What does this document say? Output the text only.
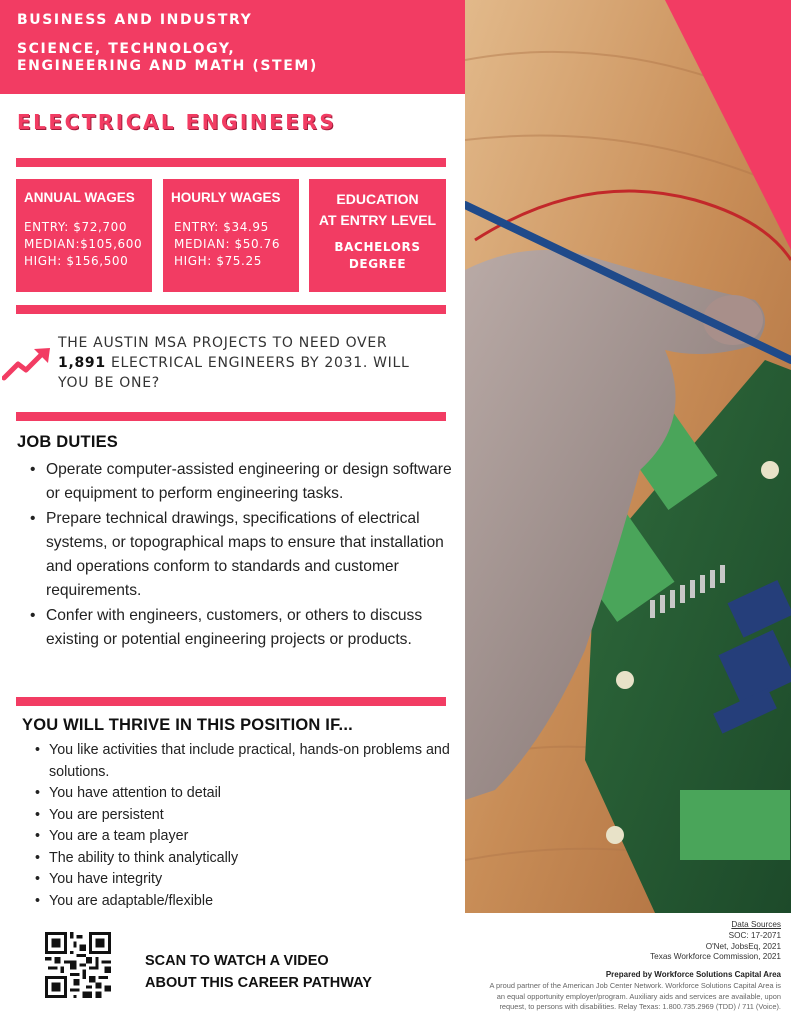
BUSINESS AND INDUSTRY
SCIENCE, TECHNOLOGY,
ENGINEERING AND MATH (STEM)
ELECTRICAL ENGINEERS
ANNUAL WAGES
ENTRY: $72,700
MEDIAN:$105,600
HIGH: $156,500
HOURLY WAGES
ENTRY: $34.95
MEDIAN: $50.76
HIGH: $75.25
EDUCATION
AT ENTRY LEVEL
BACHELORS
DEGREE
THE AUSTIN MSA PROJECTS TO NEED OVER
1,891 ELECTRICAL ENGINEERS BY 2031. WILL YOU BE ONE?
JOB DUTIES
• Operate computer-assisted engineering or design software or equipment to perform engineering tasks.
• Prepare technical drawings, specifications of electrical systems, or topographical maps to ensure that installation and operations conform to standards and customer requirements.
• Confer with engineers, customers, or others to discuss existing or potential engineering projects or products.
YOU WILL THRIVE IN THIS POSITION IF...
• You like activities that include practical, hands-on problems and solutions.
• You have attention to detail
• You are persistent
• You are a team player
• The ability to think analytically
• You have integrity
• You are adaptable/flexible
SCAN TO WATCH A VIDEO
ABOUT THIS CAREER PATHWAY
Data Sources
SOC: 17-2071
O'Net, JobsEq, 2021
Texas Workforce Commission, 2021
Prepared by Workforce Solutions Capital Area
A proud partner of the American Job Center Network. Workforce Solutions Capital Area is
an equal opportunity employer/program. Auxiliary aids and services are available, upon
request, to persons with disabilities. Relay Texas: 1.800.735.2969 (TDD) / 711 (Voice).
